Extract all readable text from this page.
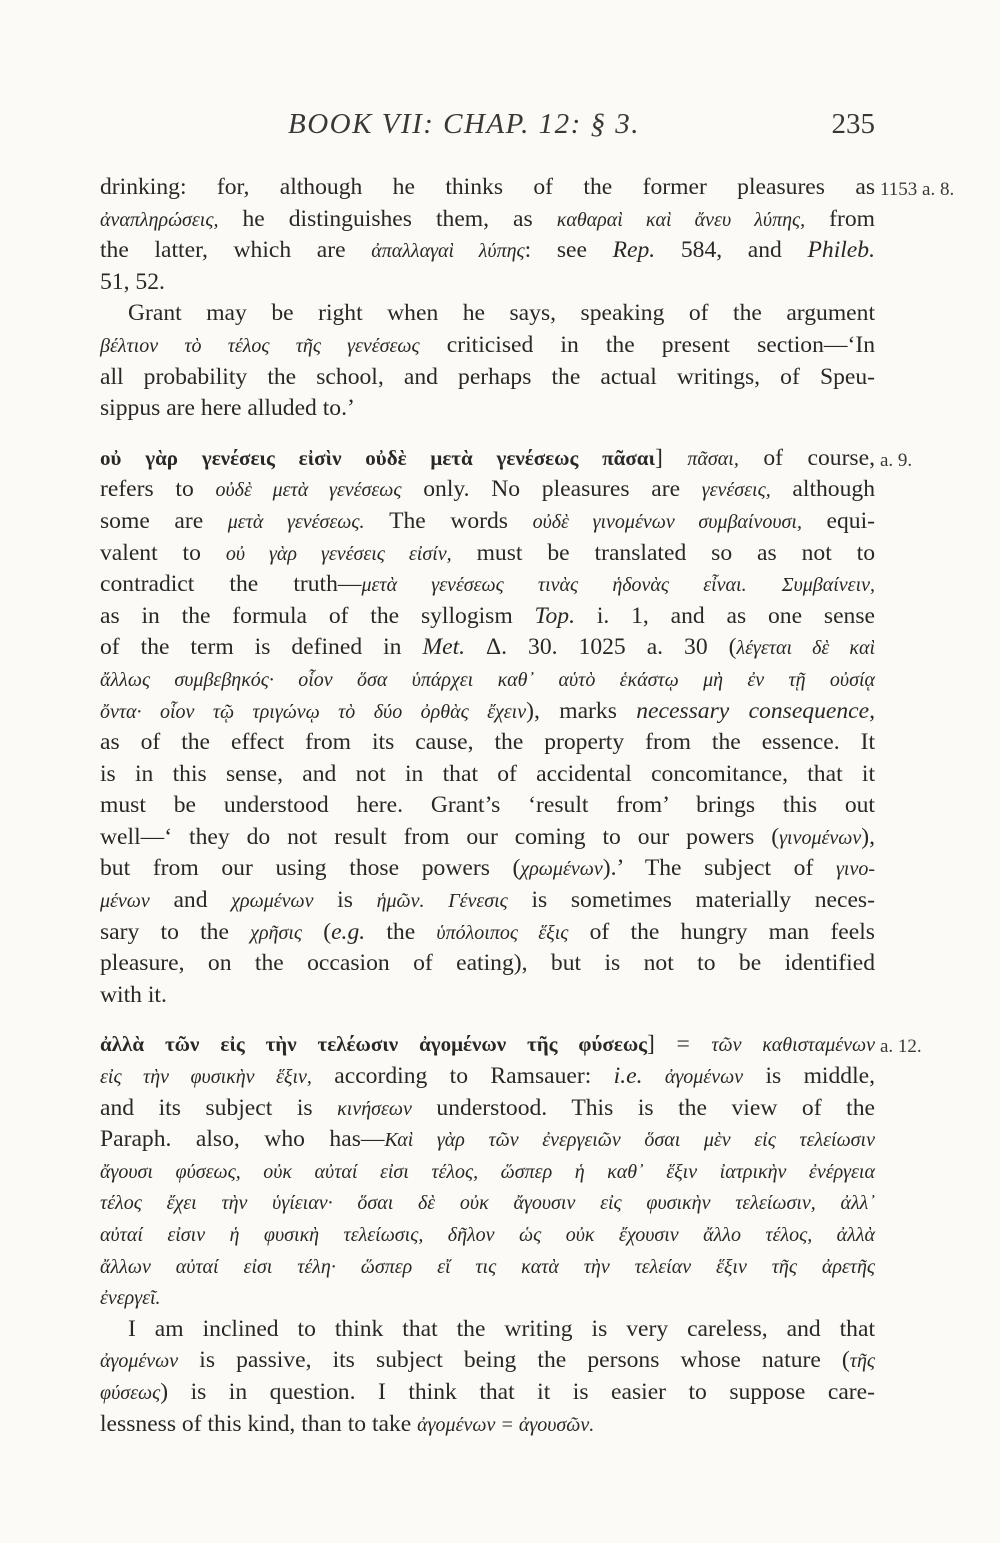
BOOK VII: CHAP. 12: § 3.	235
drinking: for, although he thinks of the former pleasures as 1153 a. 8.
ἀναπληρώσεις, he distinguishes them, as καθαραὶ καὶ ἄνευ λύπης, from
the latter, which are ἀπαλλαγαὶ λύπης: see Rep. 584, and Phileb.
51, 52.
Grant may be right when he says, speaking of the argument
βέλτιον τὸ τέλος τῆς γενέσεως criticised in the present section—‘In
all probability the school, and perhaps the actual writings, of Speu-
sippus are here alluded to.’
οὐ γὰρ γενέσεις εἰσὶν οὐδὲ μετὰ γενέσεως πᾶσαι] πᾶσαι, of course, a. 9.
refers to οὐδὲ μετὰ γενέσεως only. No pleasures are γενέσεις, although
some are μετὰ γενέσεως. The words οὐδὲ γινομένων συμβαίνουσι, equi-
valent to οὐ γὰρ γενέσεις εἰσίν, must be translated so as not to
contradict the truth—μετὰ γενέσεως τινὰς ἡδονὰς εἶναι. Συμβαίνειν,
as in the formula of the syllogism Top. i. 1, and as one sense
of the term is defined in Met. Δ. 30. 1025 a. 30 (λέγεται δὲ καὶ
ἄλλως συμβεβηκός· οἷον ὅσα ὑπάρχει καθ᾽ αὑτὸ ἑκάστῳ μὴ ἐν τῇ οὐσίᾳ
ὄντα· οἷον τῷ τριγώνῳ τὸ δύο ὀρθὰς ἔχειν), marks necessary consequence,
as of the effect from its cause, the property from the essence. It
is in this sense, and not in that of accidental concomitance, that it
must be understood here. Grant’s ‘result from’ brings this out
well—‘ they do not result from our coming to our powers (γινομένων),
but from our using those powers (χρωμένων).’ The subject of γινο-
μένων and χρωμένων is ἡμῶν. Γένεσις is sometimes materially neces-
sary to the χρῆσις (e.g. the ὑπόλοιπος ἕξις of the hungry man feels
pleasure, on the occasion of eating), but is not to be identified
with it.
ἀλλὰ τῶν εἰς τὴν τελέωσιν ἀγομένων τῆς φύσεως] = τῶν καθισταμένων a. 12.
εἰς τὴν φυσικὴν ἕξιν, according to Ramsauer: i.e. ἀγομένων is middle,
and its subject is κινήσεων understood. This is the view of the
Paraph. also, who has—Καὶ γὰρ τῶν ἐνεργειῶν ὅσαι μὲν εἰς τελείωσιν
ἄγουσι φύσεως, οὐκ αὐταί εἰσι τέλος, ὥσπερ ἡ καθ᾽ ἕξιν ἰατρικὴν ἐνέργεια
τέλος ἔχει τὴν ὑγίειαν· ὅσαι δὲ οὐκ ἄγουσιν εἰς φυσικὴν τελείωσιν, ἀλλ᾽
αὐταί εἰσιν ἡ φυσικὴ τελείωσις, δῆλον ὡς οὐκ ἔχουσιν ἄλλο τέλος, ἀλλὰ
ἄλλων αὐταί εἰσι τέλη· ὥσπερ εἴ τις κατὰ τὴν τελείαν ἕξιν τῆς ἀρετῆς
ἐνεργεῖ.
I am inclined to think that the writing is very careless, and that
ἀγομένων is passive, its subject being the persons whose nature (τῆς
φύσεως) is in question. I think that it is easier to suppose care-
lessness of this kind, than to take ἀγομένων = ἀγουσῶν.
